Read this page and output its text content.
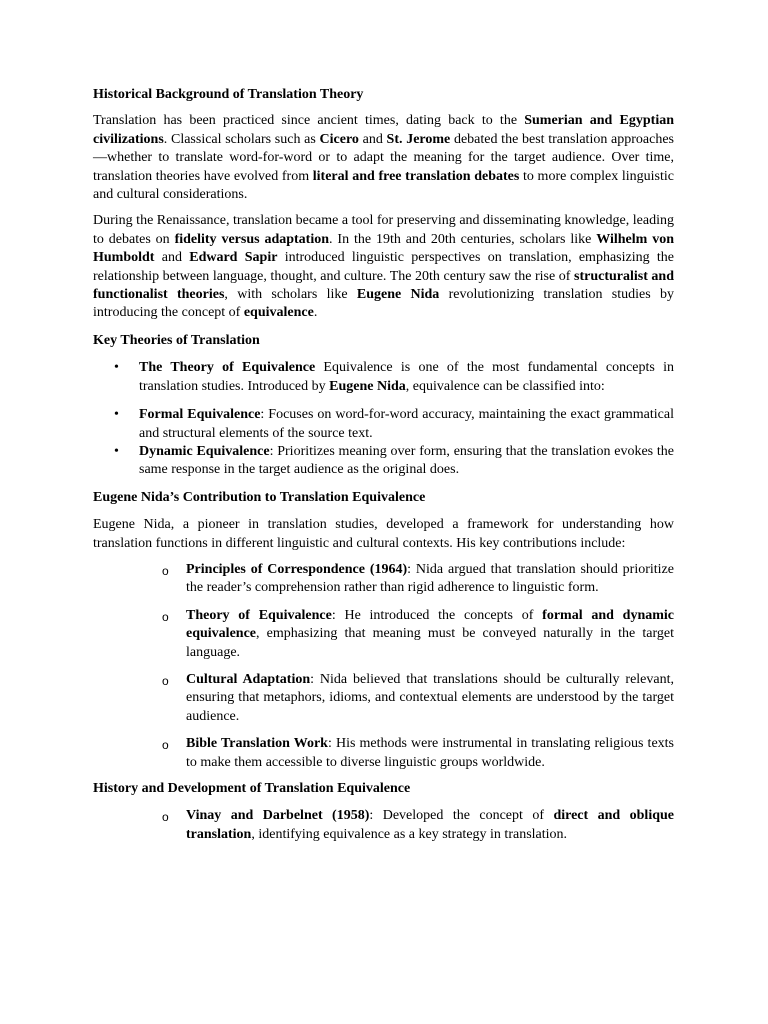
Historical Background of Translation Theory

Translation has been practiced since ancient times, dating back to the Sumerian and Egyptian civilizations. Classical scholars such as Cicero and St. Jerome debated the best translation approaches—whether to translate word-for-word or to adapt the meaning for the target audience. Over time, translation theories have evolved from literal and free translation debates to more complex linguistic and cultural considerations.

During the Renaissance, translation became a tool for preserving and disseminating knowledge, leading to debates on fidelity versus adaptation. In the 19th and 20th centuries, scholars like Wilhelm von Humboldt and Edward Sapir introduced linguistic perspectives on translation, emphasizing the relationship between language, thought, and culture. The 20th century saw the rise of structuralist and functionalist theories, with scholars like Eugene Nida revolutionizing translation studies by introducing the concept of equivalence.

Key Theories of Translation
• The Theory of Equivalence Equivalence is one of the most fundamental concepts in translation studies. Introduced by Eugene Nida, equivalence can be classified into:
• Formal Equivalence: Focuses on word-for-word accuracy, maintaining the exact grammatical and structural elements of the source text.
• Dynamic Equivalence: Prioritizes meaning over form, ensuring that the translation evokes the same response in the target audience as the original does.
Eugene Nida’s Contribution to Translation Equivalence

Eugene Nida, a pioneer in translation studies, developed a framework for understanding how translation functions in different linguistic and cultural contexts. His key contributions include:

o Principles of Correspondence (1964): Nida argued that translation should prioritize the reader’s comprehension rather than rigid adherence to linguistic form.
o Theory of Equivalence: He introduced the concepts of formal and dynamic equivalence, emphasizing that meaning must be conveyed naturally in the target language.
o Cultural Adaptation: Nida believed that translations should be culturally relevant, ensuring that metaphors, idioms, and contextual elements are understood by the target audience.
o Bible Translation Work: His methods were instrumental in translating religious texts to make them accessible to diverse linguistic groups worldwide.
History and Development of Translation Equivalence
o Vinay and Darbelnet (1958): Developed the concept of direct and oblique translation, identifying equivalence as a key strategy in translation.
